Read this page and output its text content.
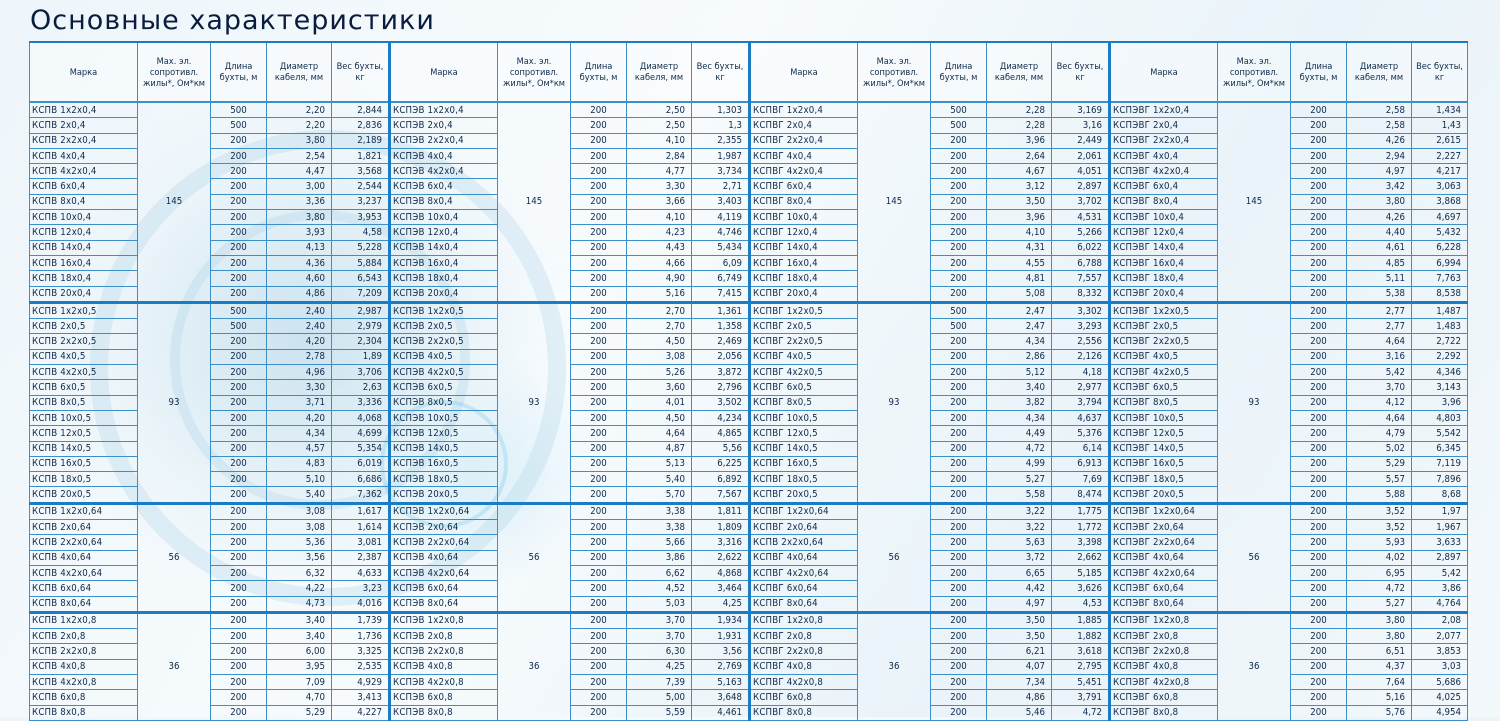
Основные характеристики
Марка	Max. эл. сопротивл. жилы*, Ом*км	Длина бухты, м	Диаметр кабеля, мм	Вес бухты, кг	Марка	Max. эл. сопротивл. жилы*, Ом*км	Длина бухты, м	Диаметр кабеля, мм	Вес бухты, кг	Марка	Max. эл. сопротивл. жилы*, Ом*км	Длина бухты, м	Диаметр кабеля, мм	Вес бухты, кг	Марка	Max. эл. сопротивл. жилы*, Ом*км	Длина бухты, м	Диаметр кабеля, мм	Вес бухты, кг
КСПВ 1х2х0,4	145	500	2,20	2,844	КСПЭВ 1х2х0,4	145	200	2,50	1,303	КСПВГ 1х2х0,4	145	500	2,28	3,169	КСПЭВГ 1х2х0,4	145	200	2,58	1,434
КСПВ 2х0,4		500	2,20	2,836	КСПЭВ 2х0,4		200	2,50	1,3	КСПВГ 2х0,4		500	2,28	3,16	КСПЭВГ 2х0,4		200	2,58	1,43
КСПВ 2х2х0,4		200	3,80	2,189	КСПЭВ 2х2х0,4		200	4,10	2,355	КСПВГ 2х2х0,4		200	3,96	2,449	КСПЭВГ 2х2х0,4		200	4,26	2,615
КСПВ 4х0,4		200	2,54	1,821	КСПЭВ 4х0,4		200	2,84	1,987	КСПВГ 4х0,4		200	2,64	2,061	КСПЭВГ 4х0,4		200	2,94	2,227
КСПВ 4х2х0,4		200	4,47	3,568	КСПЭВ 4х2х0,4		200	4,77	3,734	КСПВГ 4х2х0,4		200	4,67	4,051	КСПЭВГ 4х2х0,4		200	4,97	4,217
КСПВ 6х0,4		200	3,00	2,544	КСПЭВ 6х0,4		200	3,30	2,71	КСПВГ 6х0,4		200	3,12	2,897	КСПЭВГ 6х0,4		200	3,42	3,063
КСПВ 8х0,4		200	3,36	3,237	КСПЭВ 8х0,4		200	3,66	3,403	КСПВГ 8х0,4		200	3,50	3,702	КСПЭВГ 8х0,4		200	3,80	3,868
КСПВ 10х0,4		200	3,80	3,953	КСПЭВ 10х0,4		200	4,10	4,119	КСПВГ 10х0,4		200	3,96	4,531	КСПЭВГ 10х0,4		200	4,26	4,697
КСПВ 12х0,4		200	3,93	4,58	КСПЭВ 12х0,4		200	4,23	4,746	КСПВГ 12х0,4		200	4,10	5,266	КСПЭВГ 12х0,4		200	4,40	5,432
КСПВ 14х0,4		200	4,13	5,228	КСПЭВ 14х0,4		200	4,43	5,434	КСПВГ 14х0,4		200	4,31	6,022	КСПЭВГ 14х0,4		200	4,61	6,228
КСПВ 16х0,4		200	4,36	5,884	КСПЭВ 16х0,4		200	4,66	6,09	КСПВГ 16х0,4		200	4,55	6,788	КСПЭВГ 16х0,4		200	4,85	6,994
КСПВ 18х0,4		200	4,60	6,543	КСПЭВ 18х0,4		200	4,90	6,749	КСПВГ 18х0,4		200	4,81	7,557	КСПЭВГ 18х0,4		200	5,11	7,763
КСПВ 20х0,4		200	4,86	7,209	КСПЭВ 20х0,4		200	5,16	7,415	КСПВГ 20х0,4		200	5,08	8,332	КСПЭВГ 20х0,4		200	5,38	8,538
КСПВ 1х2х0,5	93	500	2,40	2,987	КСПЭВ 1х2х0,5	93	200	2,70	1,361	КСПВГ 1х2х0,5	93	500	2,47	3,302	КСПЭВГ 1х2х0,5	93	200	2,77	1,487
КСПВ 2х0,5		500	2,40	2,979	КСПЭВ 2х0,5		200	2,70	1,358	КСПВГ 2х0,5		500	2,47	3,293	КСПЭВГ 2х0,5		200	2,77	1,483
КСПВ 2х2х0,5		200	4,20	2,304	КСПЭВ 2х2х0,5		200	4,50	2,469	КСПВГ 2х2х0,5		200	4,34	2,556	КСПЭВГ 2х2х0,5		200	4,64	2,722
КСПВ 4х0,5		200	2,78	1,89	КСПЭВ 4х0,5		200	3,08	2,056	КСПВГ 4х0,5		200	2,86	2,126	КСПЭВГ 4х0,5		200	3,16	2,292
КСПВ 4х2х0,5		200	4,96	3,706	КСПЭВ 4х2х0,5		200	5,26	3,872	КСПВГ 4х2х0,5		200	5,12	4,18	КСПЭВГ 4х2х0,5		200	5,42	4,346
КСПВ 6х0,5		200	3,30	2,63	КСПЭВ 6х0,5		200	3,60	2,796	КСПВГ 6х0,5		200	3,40	2,977	КСПЭВГ 6х0,5		200	3,70	3,143
КСПВ 8х0,5		200	3,71	3,336	КСПЭВ 8х0,5		200	4,01	3,502	КСПВГ 8х0,5		200	3,82	3,794	КСПЭВГ 8х0,5		200	4,12	3,96
КСПВ 10х0,5		200	4,20	4,068	КСПЭВ 10х0,5		200	4,50	4,234	КСПВГ 10х0,5		200	4,34	4,637	КСПЭВГ 10х0,5		200	4,64	4,803
КСПВ 12х0,5		200	4,34	4,699	КСПЭВ 12х0,5		200	4,64	4,865	КСПВГ 12х0,5		200	4,49	5,376	КСПЭВГ 12х0,5		200	4,79	5,542
КСПВ 14х0,5		200	4,57	5,354	КСПЭВ 14х0,5		200	4,87	5,56	КСПВГ 14х0,5		200	4,72	6,14	КСПЭВГ 14х0,5		200	5,02	6,345
КСПВ 16х0,5		200	4,83	6,019	КСПЭВ 16х0,5		200	5,13	6,225	КСПВГ 16х0,5		200	4,99	6,913	КСПЭВГ 16х0,5		200	5,29	7,119
КСПВ 18х0,5		200	5,10	6,686	КСПЭВ 18х0,5		200	5,40	6,892	КСПВГ 18х0,5		200	5,27	7,69	КСПЭВГ 18х0,5		200	5,57	7,896
КСПВ 20х0,5		200	5,40	7,362	КСПЭВ 20х0,5		200	5,70	7,567	КСПВГ 20х0,5		200	5,58	8,474	КСПЭВГ 20х0,5		200	5,88	8,68
КСПВ 1х2х0,64	56	200	3,08	1,617	КСПЭВ 1х2х0,64	56	200	3,38	1,811	КСПВГ 1х2х0,64	56	200	3,22	1,775	КСПЭВГ 1х2х0,64	56	200	3,52	1,97
КСПВ 2х0,64		200	3,08	1,614	КСПЭВ 2х0,64		200	3,38	1,809	КСПВГ 2х0,64		200	3,22	1,772	КСПЭВГ 2х0,64		200	3,52	1,967
КСПВ 2х2х0,64		200	5,36	3,081	КСПЭВ 2х2х0,64		200	5,66	3,316	КСПВ 2х2х0,64		200	5,63	3,398	КСПЭВГ 2х2х0,64		200	5,93	3,633
КСПВ 4х0,64		200	3,56	2,387	КСПЭВ 4х0,64		200	3,86	2,622	КСПВГ 4х0,64		200	3,72	2,662	КСПЭВГ 4х0,64		200	4,02	2,897
КСПВ 4х2х0,64		200	6,32	4,633	КСПЭВ 4х2х0,64		200	6,62	4,868	КСПВГ 4х2х0,64		200	6,65	5,185	КСПЭВГ 4х2х0,64		200	6,95	5,42
КСПВ 6х0,64		200	4,22	3,23	КСПЭВ 6х0,64		200	4,52	3,464	КСПВГ 6х0,64		200	4,42	3,626	КСПЭВГ 6х0,64		200	4,72	3,86
КСПВ 8х0,64		200	4,73	4,016	КСПЭВ 8х0,64		200	5,03	4,25	КСПВГ 8х0,64		200	4,97	4,53	КСПЭВГ 8х0,64		200	5,27	4,764
КСПВ 1х2х0,8	36	200	3,40	1,739	КСПЭВ 1х2х0,8	36	200	3,70	1,934	КСПВГ 1х2х0,8	36	200	3,50	1,885	КСПЭВГ 1х2х0,8	36	200	3,80	2,08
КСПВ 2х0,8		200	3,40	1,736	КСПЭВ 2х0,8		200	3,70	1,931	КСПВГ 2х0,8		200	3,50	1,882	КСПЭВГ 2х0,8		200	3,80	2,077
КСПВ 2х2х0,8		200	6,00	3,325	КСПЭВ 2х2х0,8		200	6,30	3,56	КСПВГ 2х2х0,8		200	6,21	3,618	КСПЭВГ 2х2х0,8		200	6,51	3,853
КСПВ 4х0,8		200	3,95	2,535	КСПЭВ 4х0,8		200	4,25	2,769	КСПВГ 4х0,8		200	4,07	2,795	КСПЭВГ 4х0,8		200	4,37	3,03
КСПВ 4х2х0,8		200	7,09	4,929	КСПЭВ 4х2х0,8		200	7,39	5,163	КСПВГ 4х2х0,8		200	7,34	5,451	КСПЭВГ 4х2х0,8		200	7,64	5,686
КСПВ 6х0,8		200	4,70	3,413	КСПЭВ 6х0,8		200	5,00	3,648	КСПВГ 6х0,8		200	4,86	3,791	КСПЭВГ 6х0,8		200	5,16	4,025
КСПВ 8х0,8		200	5,29	4,227	КСПЭВ 8х0,8		200	5,59	4,461	КСПВГ 8х0,8		200	5,46	4,72	КСПЭВГ 8х0,8		200	5,76	4,954
